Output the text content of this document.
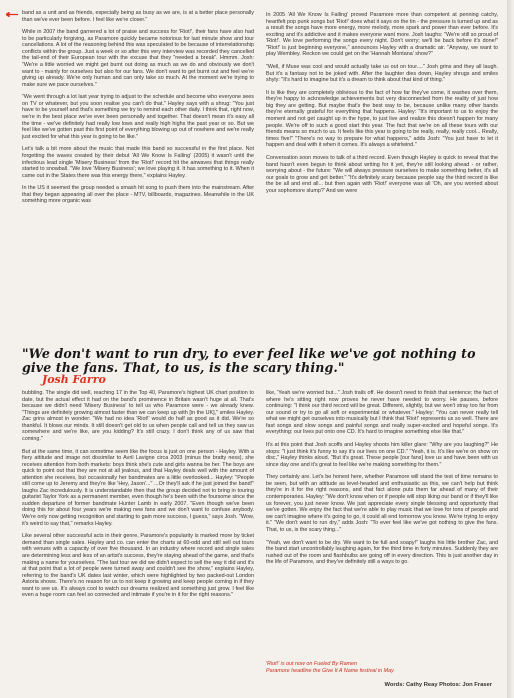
band as a unit and as friends, especially being as busy as we are, is at a better place personally than we've ever been before. I feel like we're closer."

While in 2007 the band garnered a lot of praise and success for 'Riot!', their fans have also had to be particularly forgiving, as Paramore quickly became notorious for last minute show and tour cancellations. A lot of the reasoning behind this was speculated to be because of interrelationship conflicts within the group. Just a week or so after this very interview was recorded they cancelled the tail-end of their European tour with the excuse that they "needed a break". Hmmm. Josh: "We're a little worried we might get burnt out doing as much as we do and obviously we don't want to - mainly for ourselves but also for our fans. We don't want to get burnt out and feel we're giving up already. We're only human and can only take so much. At the moment we're trying to make sure we pace ourselves."

"We went through a lot last year trying to adjust to the schedule and become who everyone sees on TV or whatever, but you soon realise you can't do that." Hayley says with a shrug: "You just have to be yourself and that's something we try to remind each other daily. I think that, right now, we're in the best place we've ever been personally and together. That doesn't mean it's easy all the time - we've definitely had really low lows and really high highs the past year or so. But we feel like we've gotten past this first point of everything blowing up out of nowhere and we're really just excited for what this year is going to be like."

Let's talk a bit more about the music that made this band so successful in the first place. Not forgetting the waves created by their debut 'All We Know Is Falling' (2005) it wasn't until the infectious lead single 'Misery Business' from the 'Riot!' record hit the airwaves that things really started to snowball. "We love 'Misery Business'; we love playing it. It has something to it. When it came out in the States there was this energy there," explains Hayley.

In the US it seemed the group needed a smash hit song to push them into the mainstream. After that they began appearing all over the place - MTV, billboards, magazines. Meanwhile in the UK something more organic was

In 2005 'All We Know Is Falling' proved Paramore more than competent at penning catchy, heartfelt pop punk songs but 'Riot!' does what it says on the tin - the pressure is turned up and as a result the songs have more energy, more melody, more spark and power than ever before. It's exciting and it's addictive and it makes everyone want more. Josh laughs: "We're still so proud of 'Riot!'. We love performing the songs every night. Don't worry; we'll be back before it's done!" "Riot!' is just beginning everyone," announces Hayley with a dramatic air. "Anyway, we want to play Wembley. Reckon we could get on the 'Hannah Montana' show?"

"Well, if Muse was cool and would actually take us out on tour...." Josh grins and they all laugh. But it's a fantasy not to be joked with. After the laughter dies down, Hayley shrugs and smiles shyly: "It's hard to imagine but it's a dream to think about that kind of thing."

It is like they are completely oblivious to the fact of how far they've come, it washes over them, they're happy to acknowledge achievements but very disconnected from the reality of just how big they are getting. But maybe that's the best way to be, because unlike many other bands they're eternally grateful for everything that happens. Hayley: "It's important to us to enjoy the moment and not get caught up in the hype, to just live and realize this doesn't happen for many people. We're off to such a good start this year. The fact that we're on all these tours with our friends means so much to us. It feels like this year is going to be really, really, really cool... Really, times five!" "There's no way to prepare for what happens," adds Josh: "You just have to let it happen and deal with it when it comes. It's always a whirlwind."

Conversation soon moves to talk of a third record. Even though Hayley is quick to reveal that the band hasn't even begun to think about writing for it yet, they're still looking ahead - or rather, worrying about - the future: "We will always pressure ourselves to make something better, it's all our goals to grow and get better." "It's definitely scary because people say the third record is like the be all and end all... but then again with 'Riot!' everyone was all 'Oh, are you worried about your sophomore slump?' And we were

"We don't want to run dry, to ever feel like we've got nothing to give the fans. That, to us, is the scary thing."
Josh Farro

bubbling. The single did well, reaching 17 in the Top 40, Paramore's highest UK chart position to date, but the actual effect it had on the band's prominence in Britain wasn't huge at all. That's because we didn't need 'Misery Business' to tell us who Paramore were - we already knew. "Things are definitely growing almost faster than we can keep up with [in the UK]," smiles Hayley. Zac grins almost in wonder: "We had no idea 'Riot!' would do half as good as it did. We're so thankful. It blows our minds. It still doesn't get old to us when people call and tell us they saw us somewhere and we're like, are you kidding? It's still crazy. I don't think any of us saw that coming."

But at the same time, it can sometime seem like the focus is just on one person - Hayley. With a fiery attitude and image not dissimilar to Avril Lavigne circa 2003 (minus the bratty ness), she receives attention from both markets: boys think she's cute and girls wanna be her. The boys are quick to point out that they are not at all jealous, and that Hayley deals well with the amount of attention she receives, but occasionally her bandmates are a little overlooked... Hayley: "People still come up to Jeremy and they're like 'Hey, Jason'..." ...Or they'll ask if he just joined the band!" laughs Zac incredulously. It is understandable then that the group decided not to bring in touring guitarist Taylor York as a permanent member, even though he's been with the foursome since the sudden departure of former bandmate Hunter Lamb in early 2007. "Even though we've been doing this for about four years we're making new fans and we don't want to confuse anybody. We're only now getting recognition and starting to gain more success, I guess," says Josh. "Wow, it's weird to say that," remarks Hayley.

Like several other successful acts in their genre, Paramore's popularity is marked more by ticket demand than single sales. Hayley and co. can enter the charts at 60-odd and still sell out tours with venues with a capacity of over five thousand. In an industry where record and single sales are determining less and less of an artist's success, they're staying ahead of the game, and that's making a name for yourselves. "The last tour we did we didn't expect to sell the way it did and it's at that point that a lot of people were turned away and couldn't see the show," explains Hayley, referring to the band's UK dates last winter, which were highlighted by two packed-out London Astoria shows. There's no reason for us to not keep it growing and keep people coming in if they want to see us. It's always cool to watch our dreams realized and something just grow. I feel like even a huge room can feel so connected and intimate if you're in it for the right reasons."

like, 'Yeah we're worried but..." Josh trails off. He doesn't need to finish that sentence; the fact of where he's sitting right now proves he never have needed to worry. He pauses, before continuing: "I think our third record will be great. Different, slightly, but we won't stray too far from our sound or try to go all soft or experimental or whatever." Hayley: "You can never really tell what we might get ourselves into musically but I think that 'Riot!' represents us so well. There are fast songs and slow songs and painful songs and really super-excited and hopeful songs. It's everything: our lives put onto one CD. It's hard to imagine something else like that."

It's at this point that Josh scoffs and Hayley shoots him killer glare: "Why are you laughing?" He stops: "I just think it's funny to say it's our lives on one CD." "Yeah, it is. It's like we're on show on disc," Hayley thinks aloud. "But it's great. These people [our fans] love us and have been with us since day one and it's great to feel like we're making something for them."

They certainly are. Let's be honest here, whether Paramore will stand the test of time remains to be seen, but with an attitude as level-headed and enthusiastic as this, we can't help but think they're in it for the right reasons, and that fact alone puts them far ahead of many of their contemporaries. Hayley: "We don't know when or if people will stop liking our band or if they'll like us forever, you just never know. We just appreciate every single blessing and opportunity that we've gotten. We enjoy the fact that we're able to play music that we love for tons of people and we can't imagine where it's going to go, it could all end tomorrow you know. We're trying to enjoy it." "We don't want to run dry," adds Josh: "To ever feel like we've got nothing to give the fans. That, to us, is the scary thing..."

"Yeah, we don't want to be dry. We want to be full and soapy!" laughs his little brother Zac, and the band start uncontrollably laughing again, for the third time in forty minutes. Suddenly they are rushed out of the room and flashbulbs are going off in every direction. This is just another day in the life of Paramore, and they've definitely still a ways to go.

'Riot!' is out now on Fueled By Ramen
Paramore headline the Give It A Name festival in May
Words: Cathy Reay Photos: Jon Fraser
